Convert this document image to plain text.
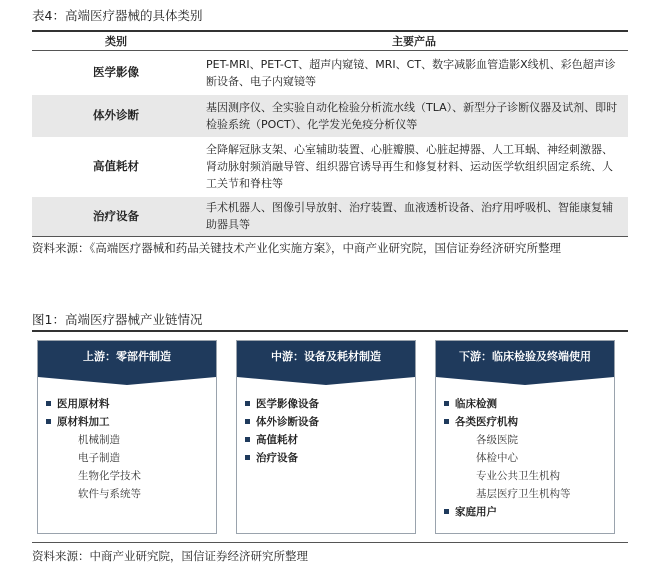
表4：高端医疗器械的具体类别
类别	主要产品
医学影像	PET-MRI、PET-CT、超声内窥镜、MRI、CT、数字减影血管造影X线机、彩色超声诊断设备、电子内窥镜等
体外诊断	基因测序仪、全实验自动化检验分析流水线（TLA）、新型分子诊断仪器及试剂、即时检验系统（POCT）、化学发光免疫分析仪等
高值耗材	全降解冠脉支架、心室辅助装置、心脏瓣膜、心脏起搏器、人工耳蜗、神经刺激器、肾动脉射频消融导管、组织器官诱导再生和修复材料、运动医学软组织固定系统、人工关节和脊柱等
治疗设备	手术机器人、图像引导放射、治疗装置、血液透析设备、治疗用呼吸机、智能康复辅助器具等
资料来源：《高端医疗器械和药品关键技术产业化实施方案》，中商产业研究院，国信证券经济研究所整理
图1：高端医疗器械产业链情况
上游：零部件制造
医用原材料
原材料加工
机械制造
电子制造
生物化学技术
软件与系统等
中游：设备及耗材制造
医学影像设备
体外诊断设备
高值耗材
治疗设备
下游：临床检验及终端使用
临床检测
各类医疗机构
各级医院
体检中心
专业公共卫生机构
基层医疗卫生机构等
家庭用户
资料来源：中商产业研究院，国信证券经济研究所整理
